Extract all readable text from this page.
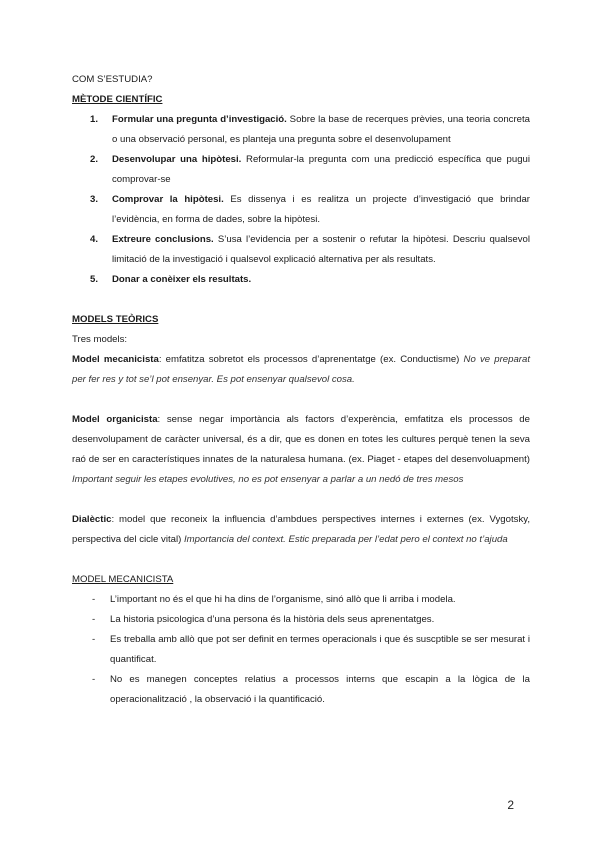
COM S’ESTUDIA?

MÈTODE CIENTÍFIC

1. Formular una pregunta d’investigació. Sobre la base de recerques prèvies, una teoria concreta o una observació personal, es planteja una pregunta sobre el desenvolupament
2. Desenvolupar una hipòtesi. Reformular-la pregunta com una predicció específica que pugui comprovar-se
3. Comprovar la hipòtesi. Es dissenya i es realitza un projecte d’investigació que brindar l’evidència, en forma de dades, sobre la hipòtesi.
4. Extreure conclusions. S’usa l’evidencia per a sostenir o refutar la hipòtesi. Descriu qualsevol limitació de la investigació i qualsevol explicació alternativa per als resultats.
5. Donar a conèixer els resultats.

MODELS TEÒRICS

Tres models:

Model mecanicista: emfatitza sobretot els processos d’aprenentatge (ex. Conductisme) No ve preparat per fer res y tot se’l pot ensenyar. Es pot ensenyar qualsevol cosa.

Model organicista: sense negar importància als factors d’experència, emfatitza els processos de desenvolupament de caràcter universal, és a dir, que es donen en totes les cultures perquè tenen la seva raó de ser en característiques innates de la naturalesa humana. (ex. Piaget - etapes del desenvoluapment) Important seguir les etapes evolutives, no es pot ensenyar a parlar a un nedó de tres mesos

Dialèctic: model que reconeix la influencia d’ambdues perspectives internes i externes (ex. Vygotsky, perspectiva del cicle vital) Importancia del context. Estic preparada per l’edat pero el context no t’ajuda

MODEL MECANICISTA

- L’important no és el que hi ha dins de l’organisme, sinó allò que li arriba i modela.
- La historia psicologica d’una persona és la història dels seus aprenentatges.
- Es treballa amb allò que pot ser definit en termes operacionals i que és suscptible se ser mesurat i quantificat.
- No es manegen conceptes relatius a processos interns que escapin a la lògica de la operacionalització , la observació i la quantificació.
2
